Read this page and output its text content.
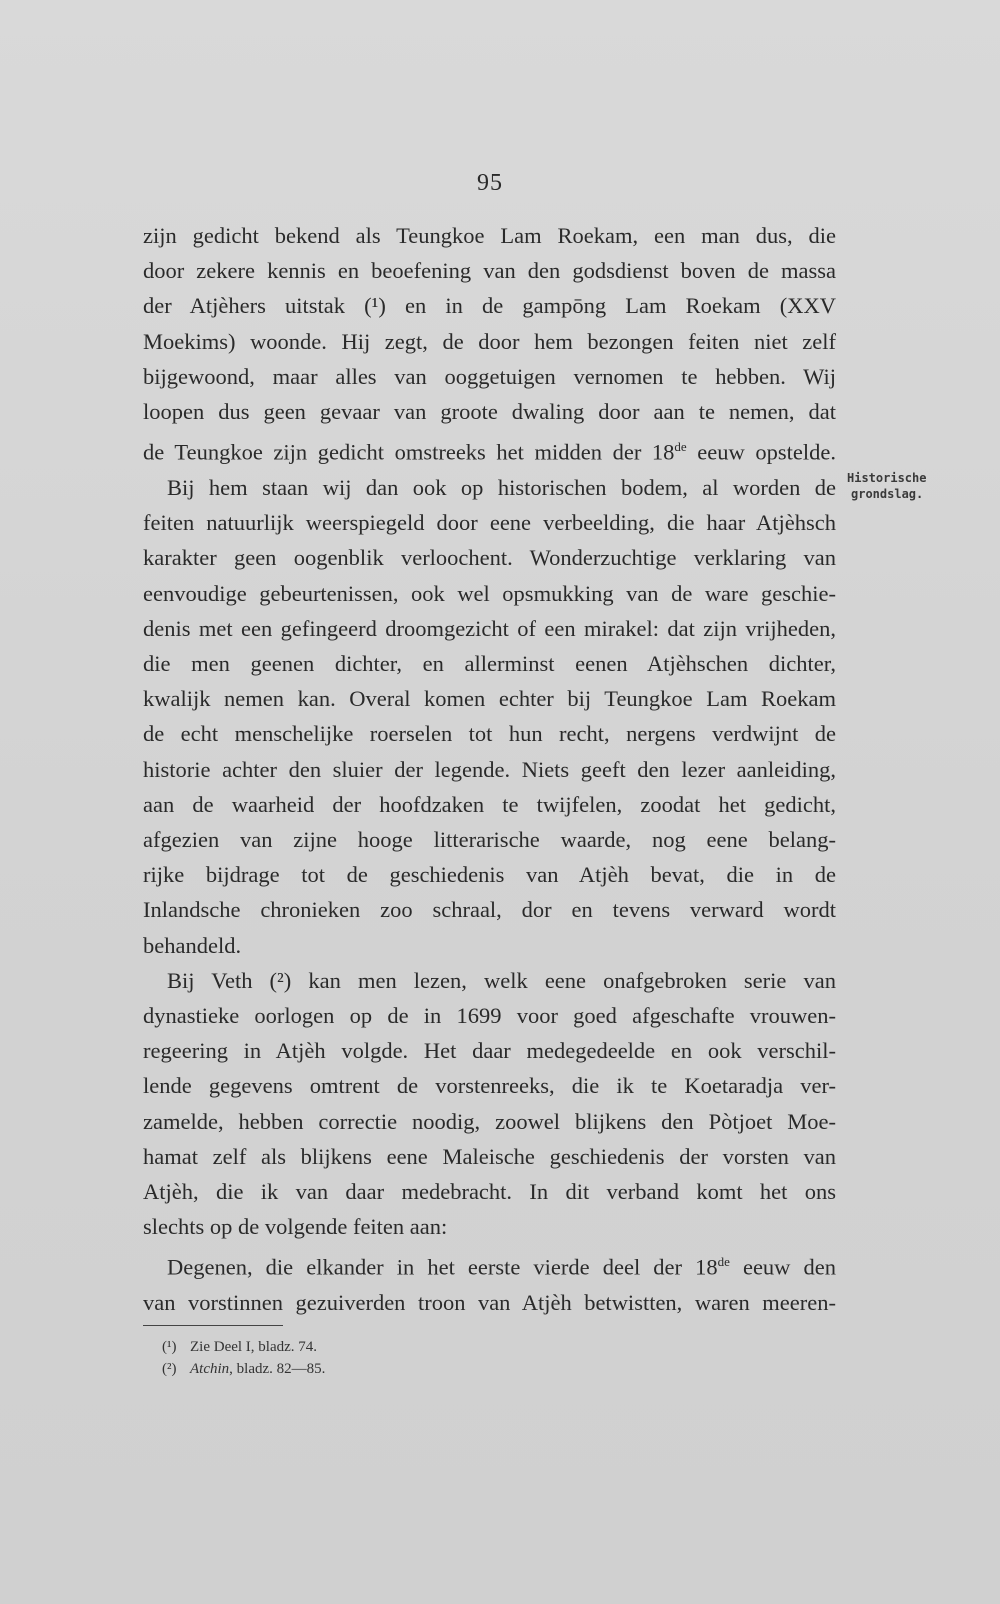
95
zijn gedicht bekend als Teungkoe Lam Roekam, een man dus, die
door zekere kennis en beoefening van den godsdienst boven de massa
der Atjèhers uitstak (¹) en in de gampōng Lam Roekam (XXV
Moekims) woonde. Hij zegt, de door hem bezongen feiten niet zelf
bijgewoond, maar alles van ooggetuigen vernomen te hebben. Wij
loopen dus geen gevaar van groote dwaling door aan te nemen, dat
de Teungkoe zijn gedicht omstreeks het midden der 18de eeuw opstelde.
Bij hem staan wij dan ook op historischen bodem, al worden de
feiten natuurlijk weerspiegeld door eene verbeelding, die haar Atjèhsch
karakter geen oogenblik verloochent. Wonderzuchtige verklaring van
eenvoudige gebeurtenissen, ook wel opsmukking van de ware geschie-
denis met een gefingeerd droomgezicht of een mirakel: dat zijn vrijheden,
die men geenen dichter, en allerminst eenen Atjèhschen dichter,
kwalijk nemen kan. Overal komen echter bij Teungkoe Lam Roekam
de echt menschelijke roerselen tot hun recht, nergens verdwijnt de
historie achter den sluier der legende. Niets geeft den lezer aanleiding,
aan de waarheid der hoofdzaken te twijfelen, zoodat het gedicht,
afgezien van zijne hooge litterarische waarde, nog eene belang-
rijke bijdrage tot de geschiedenis van Atjèh bevat, die in de
Inlandsche chronieken zoo schraal, dor en tevens verward wordt
behandeld.
Bij Veth (²) kan men lezen, welk eene onafgebroken serie van
dynastieke oorlogen op de in 1699 voor goed afgeschafte vrouwen-
regeering in Atjèh volgde. Het daar medegedeelde en ook verschil-
lende gegevens omtrent de vorstenreeks, die ik te Koetaradja ver-
zamelde, hebben correctie noodig, zoowel blijkens den Pòtjoet Moe-
hamat zelf als blijkens eene Maleische geschiedenis der vorsten van
Atjèh, die ik van daar medebracht. In dit verband komt het ons
slechts op de volgende feiten aan:
Degenen, die elkander in het eerste vierde deel der 18de eeuw den
van vorstinnen gezuiverden troon van Atjèh betwistten, waren meeren-
Historische
grondslag.
(¹) Zie Deel I, bladz. 74.
(²) Atchin, bladz. 82—85.
